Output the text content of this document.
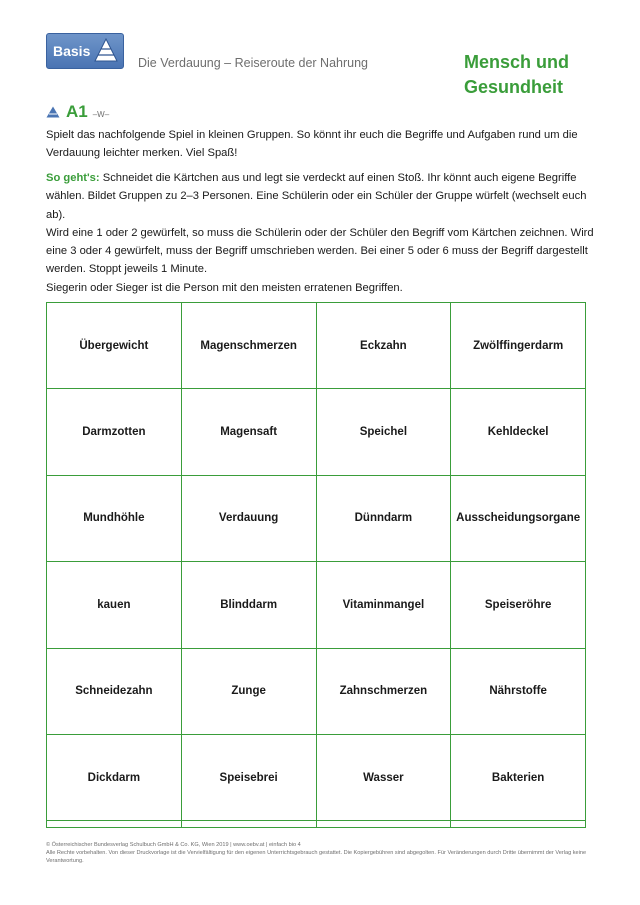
Basis
Die Verdauung – Reiseroute der Nahrung	Mensch und
Gesundheit
A1 –W–
Spielt das nachfolgende Spiel in kleinen Gruppen. So könnt ihr euch die Begriffe und Aufgaben rund um die Verdauung leichter merken. Viel Spaß!
So geht's: Schneidet die Kärtchen aus und legt sie verdeckt auf einen Stoß. Ihr könnt auch eigene Begriffe wählen. Bildet Gruppen zu 2–3 Personen. Eine Schülerin oder ein Schüler der Gruppe würfelt (wechselt euch ab).
Wird eine 1 oder 2 gewürfelt, so muss die Schülerin oder der Schüler den Begriff vom Kärtchen zeichnen. Wird eine 3 oder 4 gewürfelt, muss der Begriff umschrieben werden. Bei einer 5 oder 6 muss der Begriff dargestellt werden. Stoppt jeweils 1 Minute.
Siegerin oder Sieger ist die Person mit den meisten erratenen Begriffen.
Übergewicht	Magenschmerzen	Eckzahn	Zwölffingerdarm
Darmzotten	Magensaft	Speichel	Kehldeckel
Mundhöhle	Verdauung	Dünndarm	Ausscheidungsorgane
kauen	Blinddarm	Vitaminmangel	Speiseröhre
Schneidezahn	Zunge	Zahnschmerzen	Nährstoffe
Dickdarm	Speisebrei	Wasser	Bakterien

© Österreichischer Bundesverlag Schulbuch GmbH & Co. KG, Wien 2019 | www.oebv.at | einfach bio 4
Alle Rechte vorbehalten. Von dieser Druckvorlage ist die Vervielfältigung für den eigenen Unterrichtsgebrauch gestattet. Die Kopiergebühren sind abgegolten. Für Veränderungen durch Dritte übernimmt der Verlag keine Verantwortung.
